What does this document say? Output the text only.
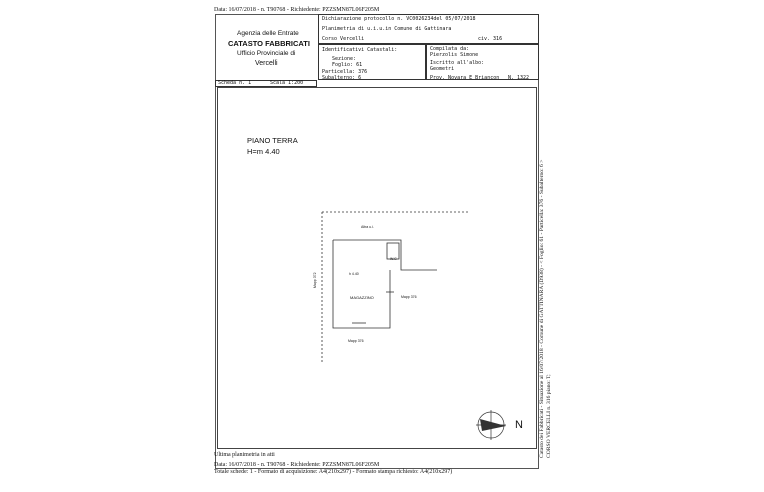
Data: 16/07/2018 - n. T90768 - Richiedente: PZZSMN87L06F205M
Agenzia delle Entrate
CATASTO FABBRICATI
Ufficio Provinciale di
Vercelli
Dichiarazione protocollo n. VC0026234del 05/07/2018
Planimetria di u.i.u.in Comune di Gattinara
Corso Vercelli	civ. 316
Identificativi Catastali:
Sezione:
Foglio: 61
Particella: 376
Subalterno: 6
Compilata da:
Pierzolis Simone
Iscritto all'albo:
Geometri
Prov. Novara E Briancon N. 1322
Scheda n. 1	Scala 1:200
PIANO TERRA
H=m 4.40
Altra u.i.
W.C
h 4.40
MAGAZZINO
Mapp 372
Mapp 376
Mapp 376
N	Catasto dei Fabbricati - Situazione al 16/07/2018 - Comune di GATTINARA (D938) - < Foglio: 61 - Particella: 376 - Subalterno: 6 > CORSO VERCELLI n. 316 piano: T;
Ultima planimetria in atti
Data: 16/07/2018 - n. T90768 - Richiedente: PZZSMN87L06F205M
Totale schede: 1 - Formato di acquisizione: A4(210x297) - Formato stampa richiesto: A4(210x297)
